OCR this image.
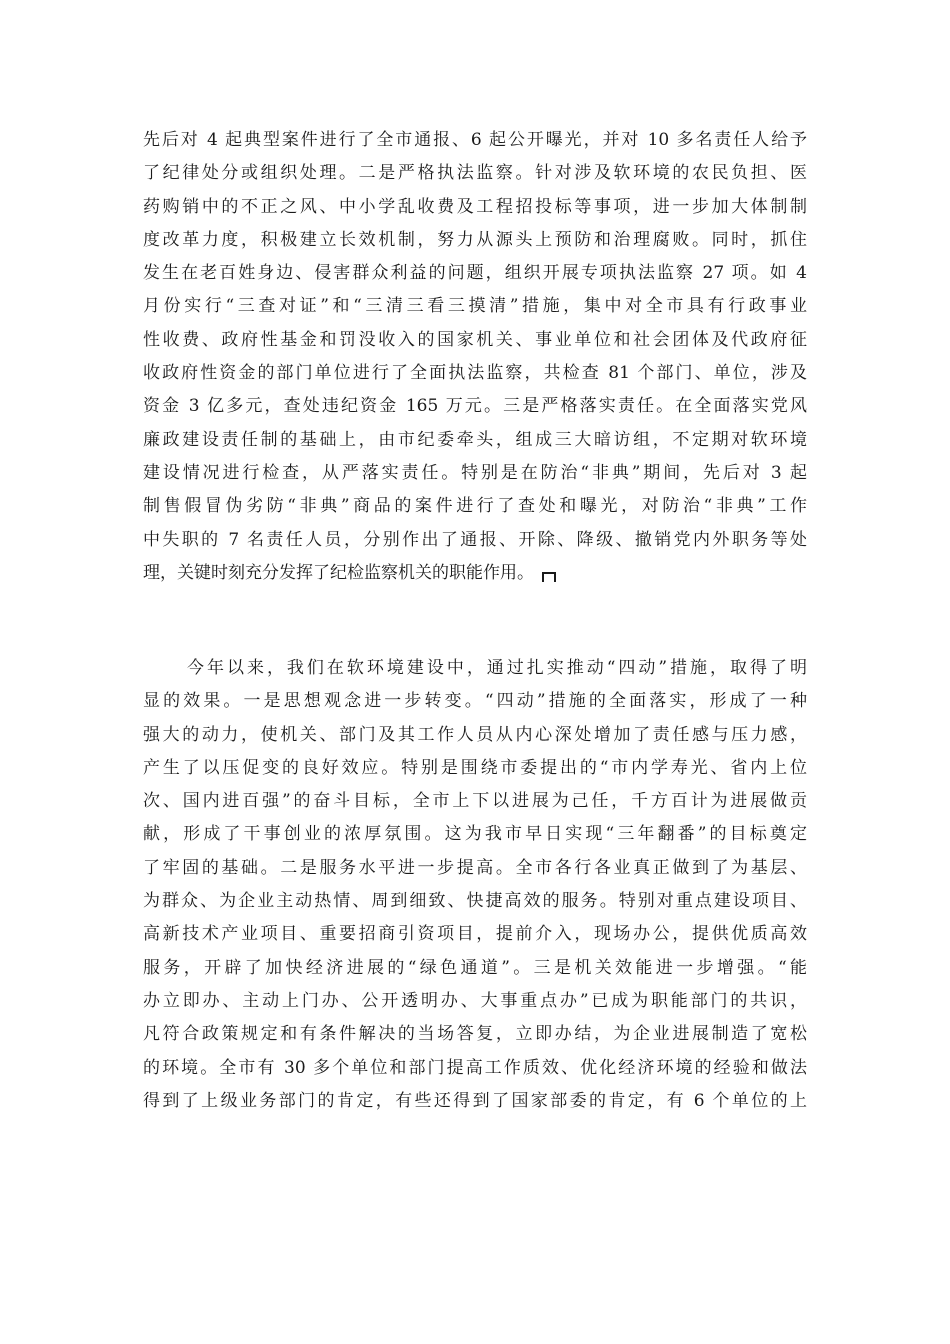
先后对 4 起典型案件进行了全市通报、6 起公开曝光，并对 10 多名责任人给予
了纪律处分或组织处理。二是严格执法监察。针对涉及软环境的农民负担、医
药购销中的不正之风、中小学乱收费及工程招投标等事项，进一步加大体制制
度改革力度，积极建立长效机制，努力从源头上预防和治理腐败。同时，抓住
发生在老百姓身边、侵害群众利益的问题，组织开展专项执法监察 27 项。如 4
月份实行“三查对证”和“三清三看三摸清”措施，集中对全市具有行政事业
性收费、政府性基金和罚没收入的国家机关、事业单位和社会团体及代政府征
收政府性资金的部门单位进行了全面执法监察，共检查 81 个部门、单位，涉及
资金 3 亿多元，查处违纪资金 165 万元。三是严格落实责任。在全面落实党风
廉政建设责任制的基础上，由市纪委牵头，组成三大暗访组，不定期对软环境
建设情况进行检查，从严落实责任。特别是在防治“非典”期间，先后对 3 起
制售假冒伪劣防“非典”商品的案件进行了查处和曝光，对防治“非典”工作
中失职的 7 名责任人员，分别作出了通报、开除、降级、撤销党内外职务等处
理，关键时刻充分发挥了纪检监察机关的职能作用。
今年以来，我们在软环境建设中，通过扎实推动“四动”措施，取得了明
显的效果。一是思想观念进一步转变。“四动”措施的全面落实，形成了一种
强大的动力，使机关、部门及其工作人员从内心深处增加了责任感与压力感，
产生了以压促变的良好效应。特别是围绕市委提出的“市内学寿光、省内上位
次、国内进百强”的奋斗目标，全市上下以进展为己任，千方百计为进展做贡
献，形成了干事创业的浓厚氛围。这为我市早日实现“三年翻番”的目标奠定
了牢固的基础。二是服务水平进一步提高。全市各行各业真正做到了为基层、
为群众、为企业主动热情、周到细致、快捷高效的服务。特别对重点建设项目、
高新技术产业项目、重要招商引资项目，提前介入，现场办公，提供优质高效
服务，开辟了加快经济进展的“绿色通道”。三是机关效能进一步增强。“能
办立即办、主动上门办、公开透明办、大事重点办”已成为职能部门的共识，
凡符合政策规定和有条件解决的当场答复，立即办结，为企业进展制造了宽松
的环境。全市有 30 多个单位和部门提高工作质效、优化经济环境的经验和做法
得到了上级业务部门的肯定，有些还得到了国家部委的肯定，有 6 个单位的上
